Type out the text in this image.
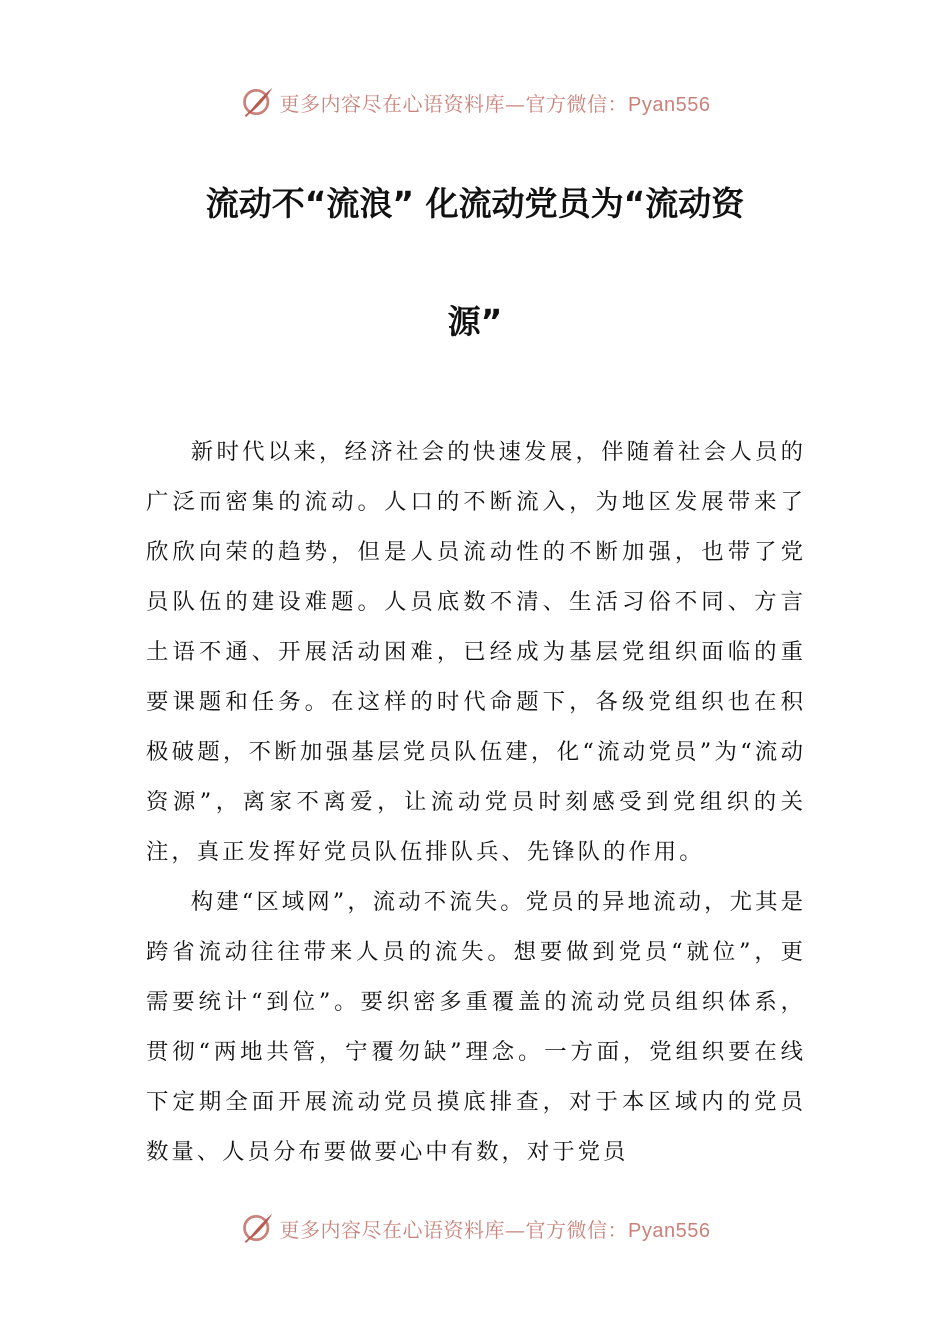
更多内容尽在心语资料库—官方微信：Pyan556
流动不“流浪” 化流动党员为“流动资
源”

新时代以来，经济社会的快速发展，伴随着社会人员的广泛而密集的流动。人口的不断流入，为地区发展带来了欣欣向荣的趋势，但是人员流动性的不断加强，也带了党员队伍的建设难题。人员底数不清、生活习俗不同、方言土语不通、开展活动困难，已经成为基层党组织面临的重要课题和任务。在这样的时代命题下，各级党组织也在积极破题，不断加强基层党员队伍建，化“流动党员”为“流动资源”，离家不离爱，让流动党员时刻感受到党组织的关注，真正发挥好党员队伍排队兵、先锋队的作用。

构建“区域网”，流动不流失。党员的异地流动，尤其是跨省流动往往带来人员的流失。想要做到党员“就位”，更需要统计“到位”。要织密多重覆盖的流动党员组织体系，贯彻“两地共管，宁覆勿缺”理念。一方面，党组织要在线下定期全面开展流动党员摸底排查，对于本区域内的党员数量、人员分布要做要心中有数，对于党员

更多内容尽在心语资料库—官方微信：Pyan556
